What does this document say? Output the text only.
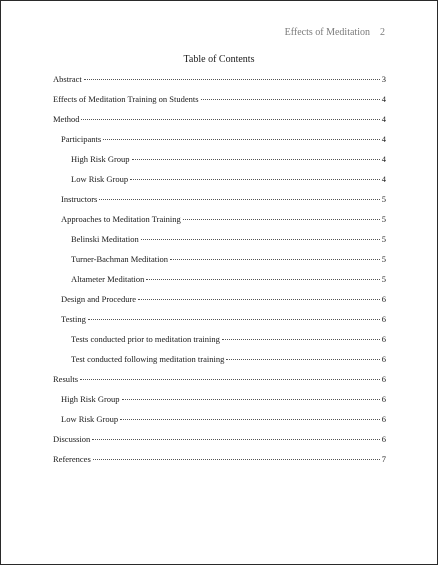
Effects of Meditation 2
Table of Contents
Abstract	3
Effects of Meditation Training on Students	4
Method	4
Participants	4
High Risk Group	4
Low Risk Group	4
Instructors	5
Approaches to Meditation Training	5
Belinski Meditation	5
Turner-Bachman Meditation	5
Altameter Meditation	5
Design and Procedure	6
Testing	6
Tests conducted prior to meditation training	6
Test conducted following meditation training	6
Results	6
High Risk Group	6
Low Risk Group	6
Discussion	6
References	7
